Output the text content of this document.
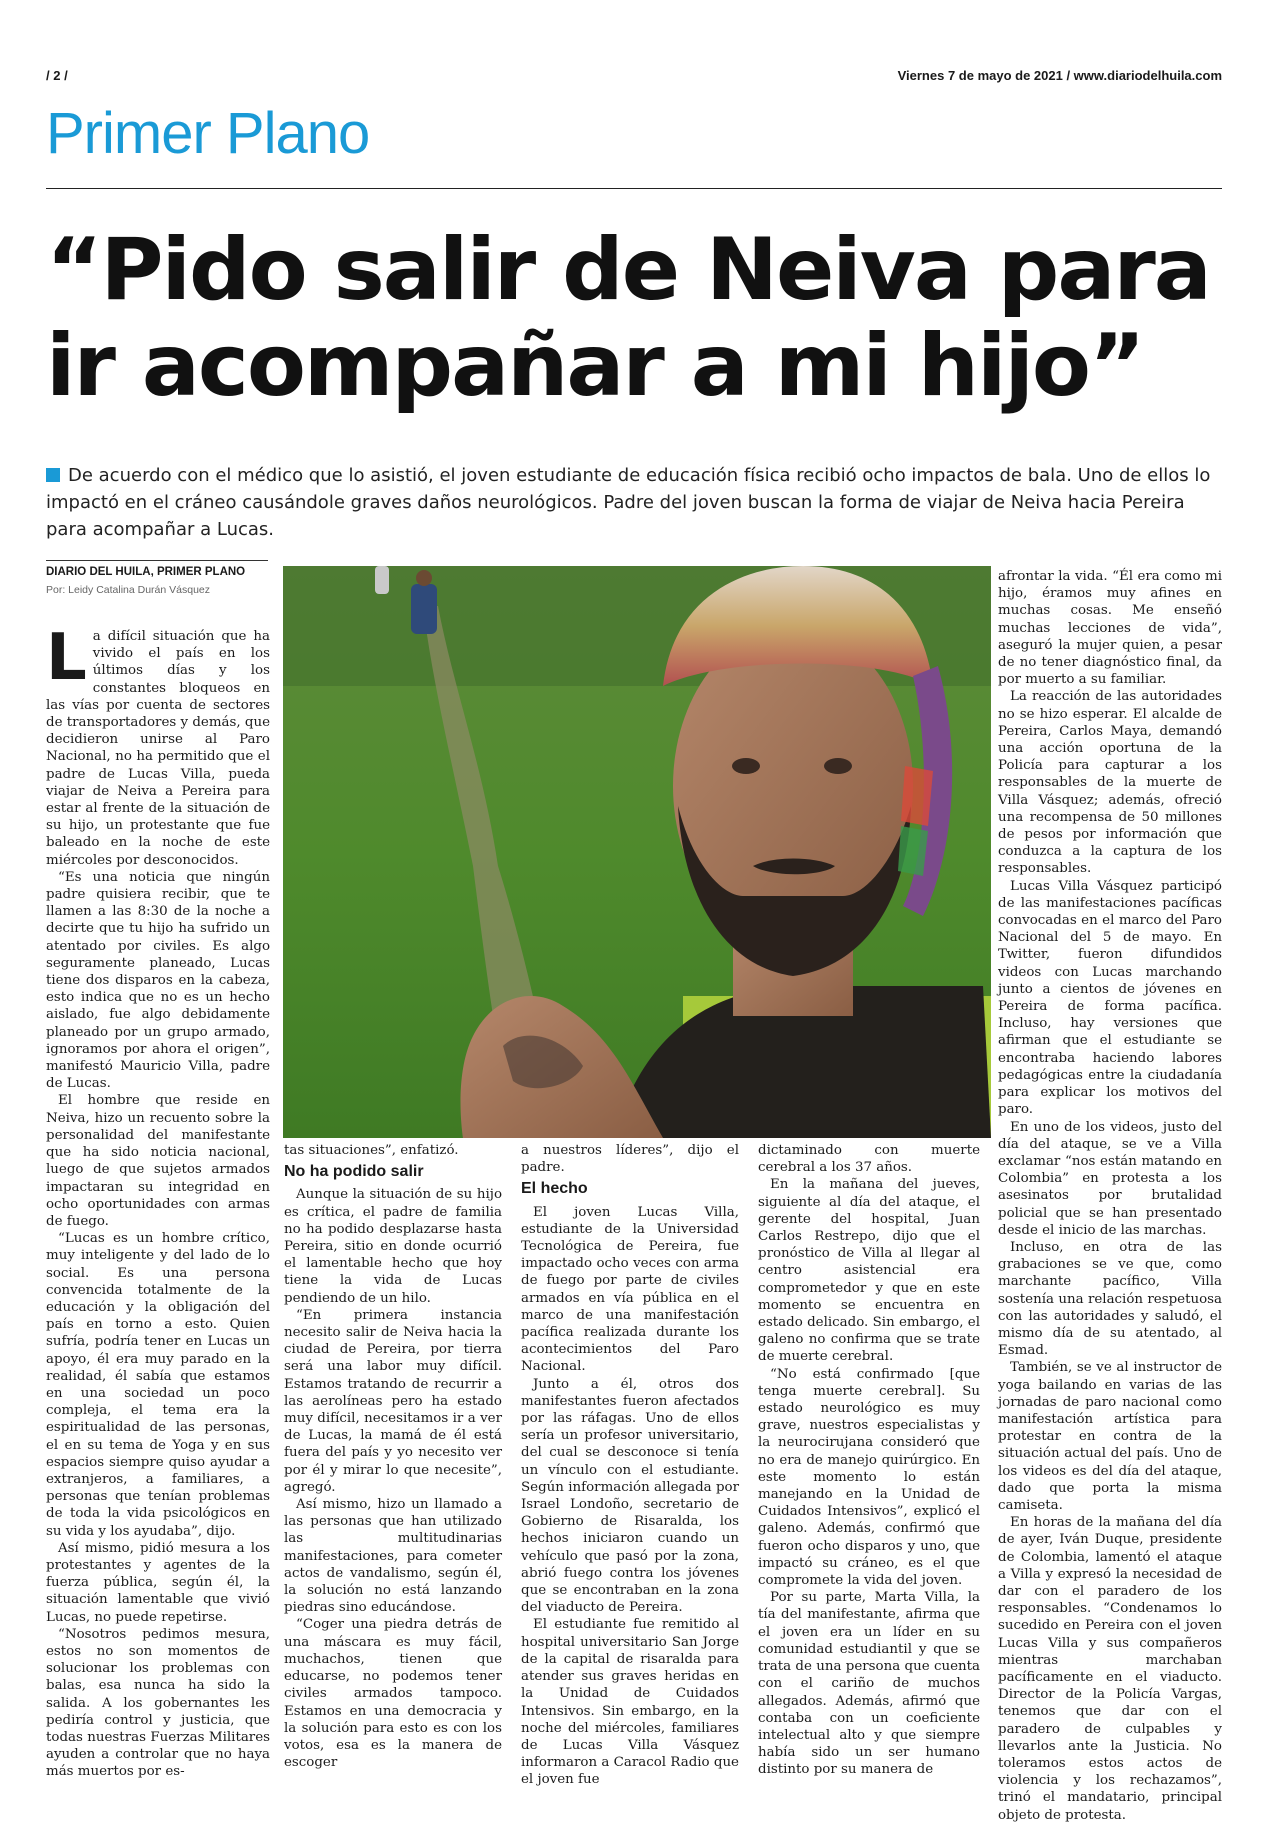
/ 2 /	Viernes 7 de mayo de 2021 / www.diariodelhuila.com
Primer Plano
“Pido salir de Neiva para ir acompañar a mi hijo”
De acuerdo con el médico que lo asistió, el joven estudiante de educación física recibió ocho impactos de bala. Uno de ellos lo impactó en el cráneo causándole graves daños neurológicos. Padre del joven buscan la forma de viajar de Neiva hacia Pereira para acompañar a Lucas.
DIARIO DEL HUILA, PRIMER PLANO
Por: Leidy Catalina Durán Vásquez

La difícil situación que ha vivido el país en los últimos días y los constantes bloqueos en las vías por cuenta de sectores de transportadores y demás, que decidieron unirse al Paro Nacional, no ha permitido que el padre de Lucas Villa, pueda viajar de Neiva a Pereira para estar al frente de la situación de su hijo, un protestante que fue baleado en la noche de este miércoles por desconocidos.

“Es una noticia que ningún padre quisiera recibir, que te llamen a las 8:30 de la noche a decirte que tu hijo ha sufrido un atentado por civiles. Es algo seguramente planeado, Lucas tiene dos disparos en la cabeza, esto indica que no es un hecho aislado, fue algo debidamente planeado por un grupo armado, ignoramos por ahora el origen”, manifestó Mauricio Villa, padre de Lucas.

El hombre que reside en Neiva, hizo un recuento sobre la personalidad del manifestante que ha sido noticia nacional, luego de que sujetos armados impactaran su integridad en ocho oportunidades con armas de fuego.

“Lucas es un hombre crítico, muy inteligente y del lado de lo social. Es una persona convencida totalmente de la educación y la obligación del país en torno a esto. Quien sufría, podría tener en Lucas un apoyo, él era muy parado en la realidad, él sabía que estamos en una sociedad un poco compleja, el tema era la espiritualidad de las personas, el en su tema de Yoga y en sus espacios siempre quiso ayudar a extranjeros, a familiares, a personas que tenían problemas de toda la vida psicológicos en su vida y los ayudaba”, dijo.

Así mismo, pidió mesura a los protestantes y agentes de la fuerza pública, según él, la situación lamentable que vivió Lucas, no puede repetirse.

“Nosotros pedimos mesura, estos no son momentos de solucionar los problemas con balas, esa nunca ha sido la salida. A los gobernantes les pediría control y justicia, que todas nuestras Fuerzas Militares ayuden a controlar que no haya más muertos por es-

tas situaciones”, enfatizó.

No ha podido salir

Aunque la situación de su hijo es crítica, el padre de familia no ha podido desplazarse hasta Pereira, sitio en donde ocurrió el lamentable hecho que hoy tiene la vida de Lucas pendiendo de un hilo.

“En primera instancia necesito salir de Neiva hacia la ciudad de Pereira, por tierra será una labor muy difícil. Estamos tratando de recurrir a las aerolíneas pero ha estado muy difícil, necesitamos ir a ver de Lucas, la mamá de él está fuera del país y yo necesito ver por él y mirar lo que necesite”, agregó.

Así mismo, hizo un llamado a las personas que han utilizado las multitudinarias manifestaciones, para cometer actos de vandalismo, según él, la solución no está lanzando piedras sino educándose.

“Coger una piedra detrás de una máscara es muy fácil, muchachos, tienen que educarse, no podemos tener civiles armados tampoco. Estamos en una democracia y la solución para esto es con los votos, esa es la manera de escoger

a nuestros líderes”, dijo el padre.

El hecho

El joven Lucas Villa, estudiante de la Universidad Tecnológica de Pereira, fue impactado ocho veces con arma de fuego por parte de civiles armados en vía pública en el marco de una manifestación pacífica realizada durante los acontecimientos del Paro Nacional.

Junto a él, otros dos manifestantes fueron afectados por las ráfagas. Uno de ellos sería un profesor universitario, del cual se desconoce si tenía un vínculo con el estudiante. Según información allegada por Israel Londoño, secretario de Gobierno de Risaralda, los hechos iniciaron cuando un vehículo que pasó por la zona, abrió fuego contra los jóvenes que se encontraban en la zona del viaducto de Pereira.

El estudiante fue remitido al hospital universitario San Jorge de la capital de risaralda para atender sus graves heridas en la Unidad de Cuidados Intensivos. Sin embargo, en la noche del miércoles, familiares de Lucas Villa Vásquez informaron a Caracol Radio que el joven fue

dictaminado con muerte cerebral a los 37 años.

En la mañana del jueves, siguiente al día del ataque, el gerente del hospital, Juan Carlos Restrepo, dijo que el pronóstico de Villa al llegar al centro asistencial era comprometedor y que en este momento se encuentra en estado delicado. Sin embargo, el galeno no confirma que se trate de muerte cerebral.

“No está confirmado [que tenga muerte cerebral]. Su estado neurológico es muy grave, nuestros especialistas y la neurocirujana consideró que no era de manejo quirúrgico. En este momento lo están manejando en la Unidad de Cuidados Intensivos”, explicó el galeno. Además, confirmó que fueron ocho disparos y uno, que impactó su cráneo, es el que compromete la vida del joven.

Por su parte, Marta Villa, la tía del manifestante, afirma que el joven era un líder en su comunidad estudiantil y que se trata de una persona que cuenta con el cariño de muchos allegados. Además, afirmó que contaba con un coeficiente intelectual alto y que siempre había sido un ser humano distinto por su manera de

afrontar la vida. “Él era como mi hijo, éramos muy afines en muchas cosas. Me enseñó muchas lecciones de vida”, aseguró la mujer quien, a pesar de no tener diagnóstico final, da por muerto a su familiar.

La reacción de las autoridades no se hizo esperar. El alcalde de Pereira, Carlos Maya, demandó una acción oportuna de la Policía para capturar a los responsables de la muerte de Villa Vásquez; además, ofreció una recompensa de 50 millones de pesos por información que conduzca a la captura de los responsables.

Lucas Villa Vásquez participó de las manifestaciones pacíficas convocadas en el marco del Paro Nacional del 5 de mayo. En Twitter, fueron difundidos videos con Lucas marchando junto a cientos de jóvenes en Pereira de forma pacífica. Incluso, hay versiones que afirman que el estudiante se encontraba haciendo labores pedagógicas entre la ciudadanía para explicar los motivos del paro.

En uno de los videos, justo del día del ataque, se ve a Villa exclamar “nos están matando en Colombia” en protesta a los asesinatos por brutalidad policial que se han presentado desde el inicio de las marchas.

Incluso, en otra de las grabaciones se ve que, como marchante pacífico, Villa sostenía una relación respetuosa con las autoridades y saludó, el mismo día de su atentado, al Esmad.

También, se ve al instructor de yoga bailando en varias de las jornadas de paro nacional como manifestación artística para protestar en contra de la situación actual del país. Uno de los videos es del día del ataque, dado que porta la misma camiseta.

En horas de la mañana del día de ayer, Iván Duque, presidente de Colombia, lamentó el ataque a Villa y expresó la necesidad de dar con el paradero de los responsables. “Condenamos lo sucedido en Pereira con el joven Lucas Villa y sus compañeros mientras marchaban pacíficamente en el viaducto. Director de la Policía Vargas, tenemos que dar con el paradero de culpables y llevarlos ante la Justicia. No toleramos estos actos de violencia y los rechazamos”, trinó el mandatario, principal objeto de protesta.
